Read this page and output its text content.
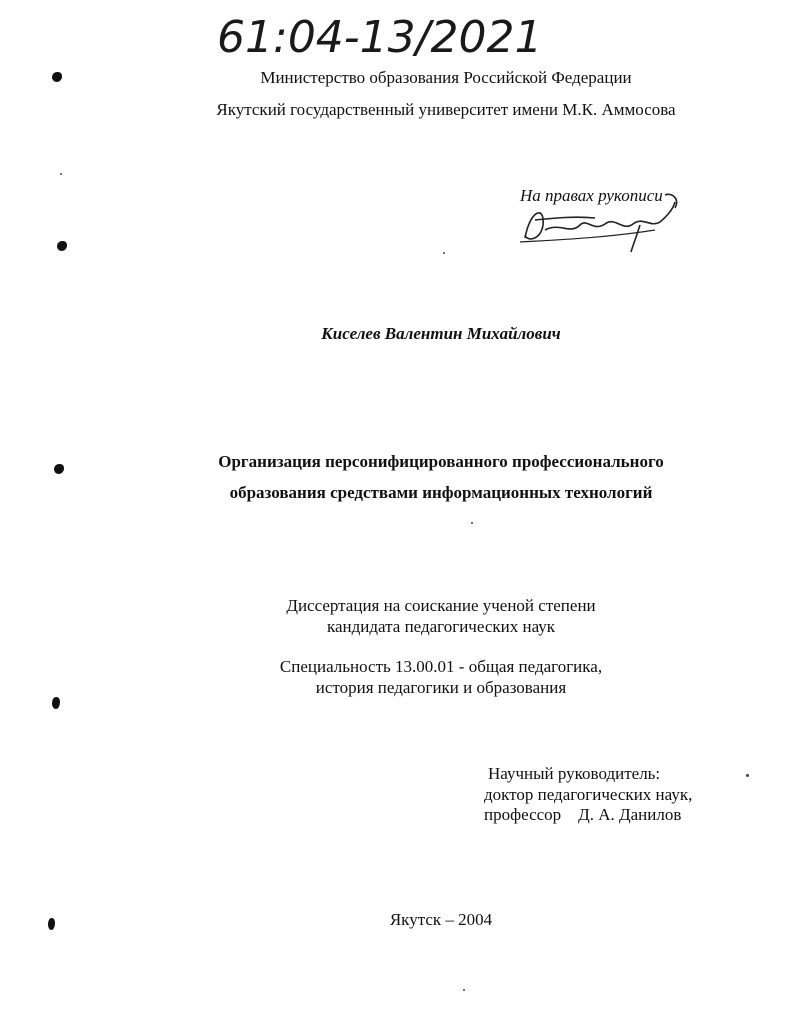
61:04-13/2021
Министерство образования Российской Федерации
Якутский государственный университет имени М.К. Аммосова
На правах рукописи
Киселев Валентин Михайлович
Организация персонифицированного профессионального
образования средствами информационных технологий
Диссертация на соискание ученой степени
кандидата педагогических наук
Специальность 13.00.01 - общая педагогика,
история педагогики и образования
Научный руководитель:
доктор педагогических наук,
профессор    Д. А. Данилов
Якутск – 2004
